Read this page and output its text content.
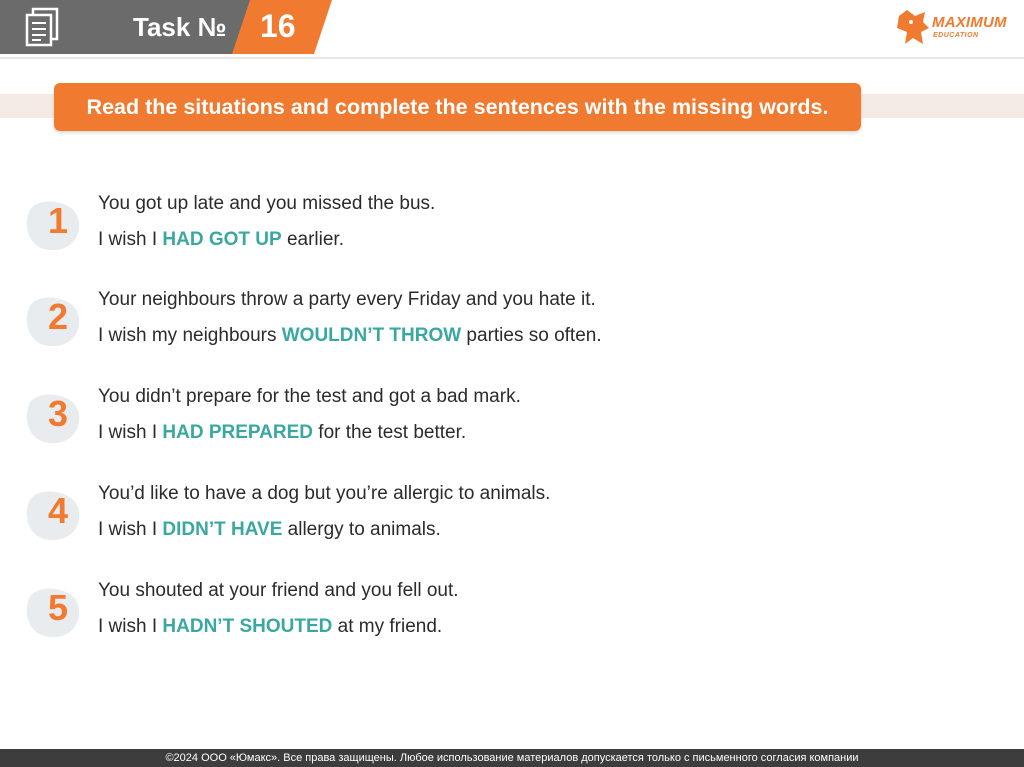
Task № 16	MAXIMUM
EDUCATION
Read the situations and complete the sentences with the missing words.
1	You got up late and you missed the bus.
I wish I HAD GOT UP earlier.
2	Your neighbours throw a party every Friday and you hate it.
I wish my neighbours WOULDN’T THROW parties so often.
3	You didn’t prepare for the test and got a bad mark.
I wish I HAD PREPARED for the test better.
4	You’d like to have a dog but you’re allergic to animals.
I wish I DIDN’T HAVE allergy to animals.
5	You shouted at your friend and you fell out.
I wish I HADN’T SHOUTED at my friend.
©2024 ООО «Юмакс». Все права защищены. Любое использование материалов допускается только с письменного согласия компании
